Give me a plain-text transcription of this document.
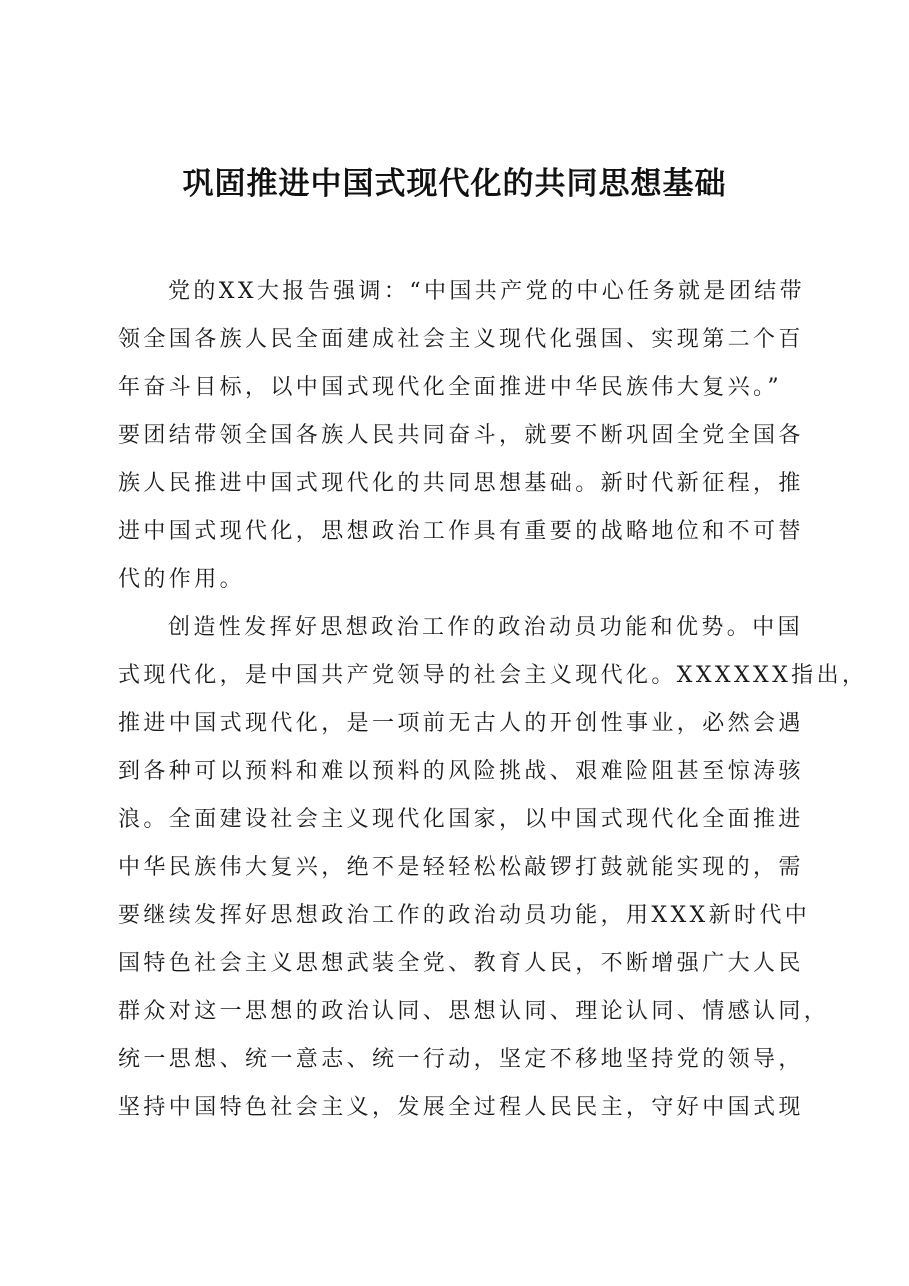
巩固推进中国式现代化的共同思想基础
党的XX大报告强调：“中国共产党的中心任务就是团结带
领全国各族人民全面建成社会主义现代化强国、实现第二个百
年奋斗目标，以中国式现代化全面推进中华民族伟大复兴。”
要团结带领全国各族人民共同奋斗，就要不断巩固全党全国各
族人民推进中国式现代化的共同思想基础。新时代新征程，推
进中国式现代化，思想政治工作具有重要的战略地位和不可替
代的作用。
创造性发挥好思想政治工作的政治动员功能和优势。中国
式现代化，是中国共产党领导的社会主义现代化。XXXXXX指出，
推进中国式现代化，是一项前无古人的开创性事业，必然会遇
到各种可以预料和难以预料的风险挑战、艰难险阻甚至惊涛骇
浪。全面建设社会主义现代化国家，以中国式现代化全面推进
中华民族伟大复兴，绝不是轻轻松松敲锣打鼓就能实现的，需
要继续发挥好思想政治工作的政治动员功能，用XXX新时代中
国特色社会主义思想武装全党、教育人民，不断增强广大人民
群众对这一思想的政治认同、思想认同、理论认同、情感认同，
统一思想、统一意志、统一行动，坚定不移地坚持党的领导，
坚持中国特色社会主义，发展全过程人民民主，守好中国式现
